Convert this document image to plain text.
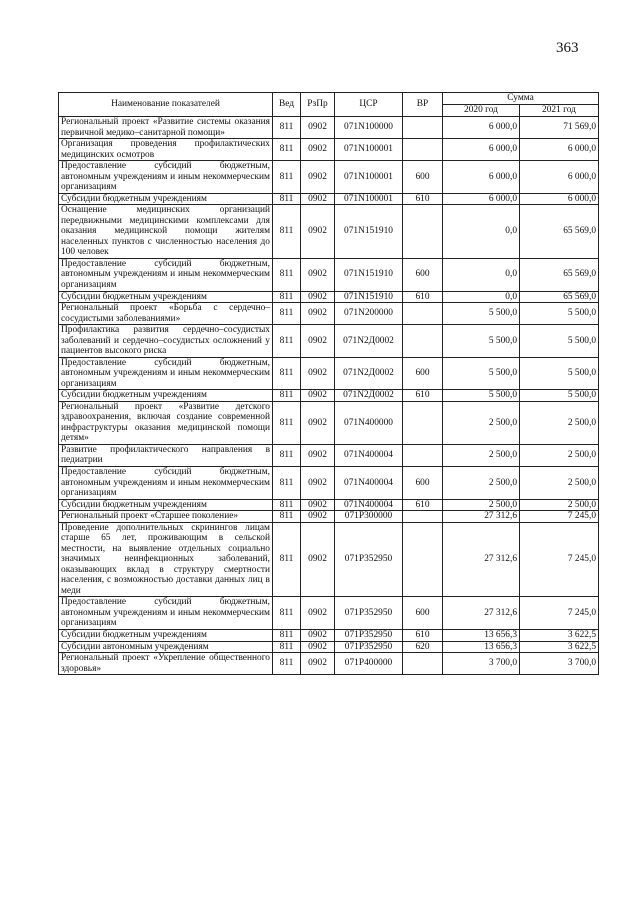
363
Наименование показателей	Вед	РзПр	ЦСР	ВР	Сумма	
					2020 год	2021 год
Региональный проект «Развитие системы оказания первичной медико–санитарной помощи»	811	0902	071N100000		6 000,0	71 569,0
Организация проведения профилактических медицинских осмотров	811	0902	071N100001		6 000,0	6 000,0
Предоставление субсидий бюджетным, автономным учреждениям и иным некоммерческим организациям	811	0902	071N100001	600	6 000,0	6 000,0
Субсидии бюджетным учреждениям	811	0902	071N100001	610	6 000,0	6 000,0
Оснащение медицинских организаций передвижными медицинскими комплексами для оказания медицинской помощи жителям населенных пунктов с численностью населения до 100 человек	811	0902	071N151910		0,0	65 569,0
Предоставление субсидий бюджетным, автономным учреждениям и иным некоммерческим организациям	811	0902	071N151910	600	0,0	65 569,0
Субсидии бюджетным учреждениям	811	0902	071N151910	610	0,0	65 569,0
Региональный проект «Борьба с сердечно–сосудистыми заболеваниями»	811	0902	071N200000		5 500,0	5 500,0
Профилактика развития сердечно–сосудистых заболеваний и сердечно–сосудистых осложнений у пациентов высокого риска	811	0902	071N2Д0002		5 500,0	5 500,0
Предоставление субсидий бюджетным, автономным учреждениям и иным некоммерческим организациям	811	0902	071N2Д0002	600	5 500,0	5 500,0
Субсидии бюджетным учреждениям	811	0902	071N2Д0002	610	5 500,0	5 500,0
Региональный проект «Развитие детского здравоохранения, включая создание современной инфраструктуры оказания медицинской помощи детям»	811	0902	071N400000		2 500,0	2 500,0
Развитие профилактического направления в педиатрии	811	0902	071N400004		2 500,0	2 500,0
Предоставление субсидий бюджетным, автономным учреждениям и иным некоммерческим организациям	811	0902	071N400004	600	2 500,0	2 500,0
Субсидии бюджетным учреждениям	811	0902	071N400004	610	2 500,0	2 500,0
Региональный проект «Старшее поколение»	811	0902	071P300000		27 312,6	7 245,0
Проведение дополнительных скринингов лицам старше 65 лет, проживающим в сельской местности, на выявление отдельных социально значимых неинфекционных заболеваний, оказывающих вклад в структуру смертности населения, с возможностью доставки данных лиц в меди	811	0902	071P352950		27 312,6	7 245,0
Предоставление субсидий бюджетным, автономным учреждениям и иным некоммерческим организациям	811	0902	071P352950	600	27 312,6	7 245,0
Субсидии бюджетным учреждениям	811	0902	071P352950	610	13 656,3	3 622,5
Субсидии автономным учреждениям	811	0902	071P352950	620	13 656,3	3 622,5
Региональный проект «Укрепление общественного здоровья»	811	0902	071P400000		3 700,0	3 700,0
